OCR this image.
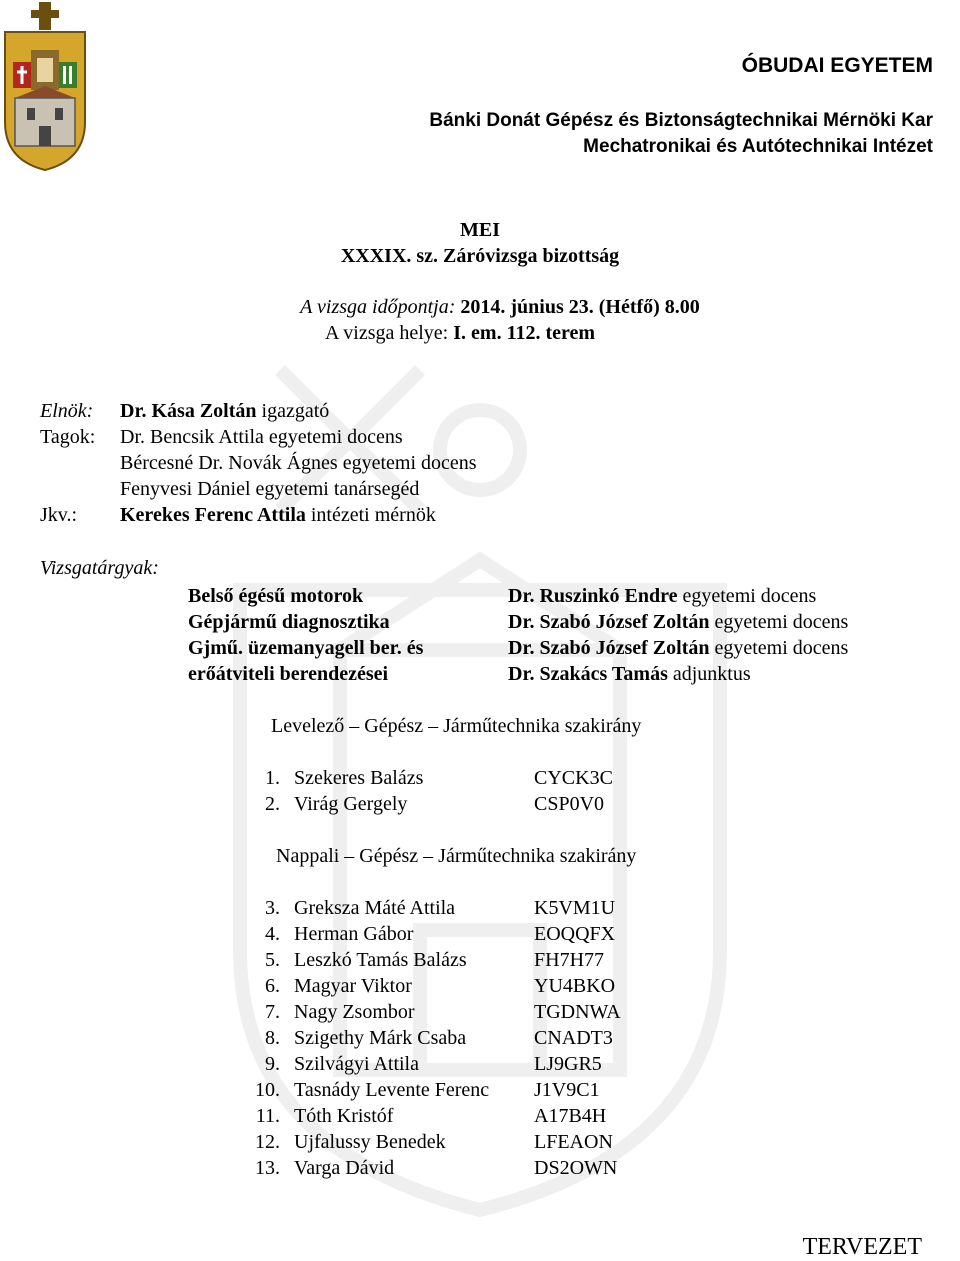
ÓBUDAI EGYETEM
Bánki Donát Gépész és Biztonságtechnikai Mérnöki Kar
Mechatronikai és Autótechnikai Intézet
MEI
XXXIX. sz. Záróvizsga bizottság
A vizsga időpontja: 2014. június 23. (Hétfő) 8.00
A vizsga helye: I. em. 112. terem
Elnök: Dr. Kása Zoltán igazgató
Tagok: Dr. Bencsik Attila egyetemi docens
Bércesné Dr. Novák Ágnes egyetemi docens
Fenyvesi Dániel egyetemi tanársegéd
Jkv.: Kerekes Ferenc Attila intézeti mérnök
Vizsgatárgyak:
Belső égésű motorok	Dr. Ruszinkó Endre egyetemi docens
Gépjármű diagnosztika	Dr. Szabó József Zoltán egyetemi docens
Gjmű. üzemanyagell ber. és	Dr. Szabó József Zoltán egyetemi docens
erőátviteli berendezései	Dr. Szakács Tamás adjunktus
Levelező – Gépész – Járműtechnika szakirány
1. Szekeres Balázs	CYCK3C
2. Virág Gergely	CSP0V0
Nappali – Gépész – Járműtechnika szakirány
3. Greksza Máté Attila	K5VM1U
4. Herman Gábor	EOQQFX
5. Leszkó Tamás Balázs	FH7H77
6. Magyar Viktor	YU4BKO
7. Nagy Zsombor	TGDNWA
8. Szigethy Márk Csaba	CNADT3
9. Szilvágyi Attila	LJ9GR5
10. Tasnády Levente Ferenc J1V9C1
11. Tóth Kristóf	A17B4H
12. Ujfalussy Benedek	LFEAON
13. Varga Dávid	DS2OWN
TERVEZET
